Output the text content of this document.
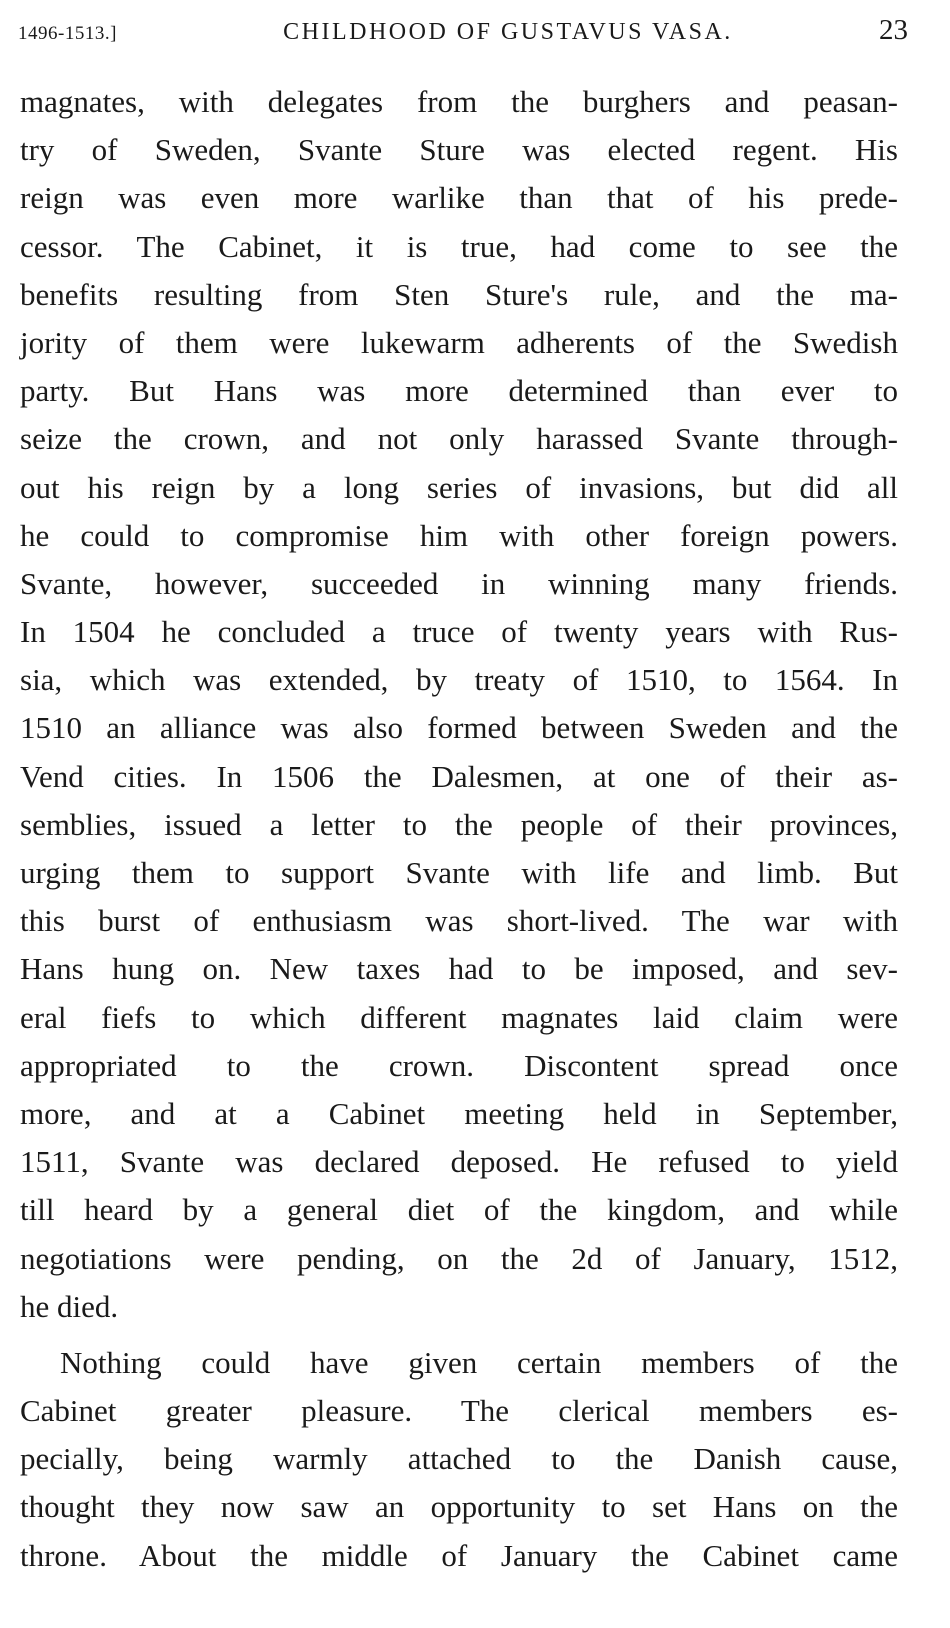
1496-1513.]	CHILDHOOD OF GUSTAVUS VASA.	23
magnates, with delegates from the burghers and peasan-
try of Sweden, Svante Sture was elected regent. His
reign was even more warlike than that of his prede-
cessor. The Cabinet, it is true, had come to see the
benefits resulting from Sten Sture's rule, and the ma-
jority of them were lukewarm adherents of the Swedish
party. But Hans was more determined than ever to
seize the crown, and not only harassed Svante through-
out his reign by a long series of invasions, but did all
he could to compromise him with other foreign powers.
Svante, however, succeeded in winning many friends.
In 1504 he concluded a truce of twenty years with Rus-
sia, which was extended, by treaty of 1510, to 1564. In
1510 an alliance was also formed between Sweden and the
Vend cities. In 1506 the Dalesmen, at one of their as-
semblies, issued a letter to the people of their provinces,
urging them to support Svante with life and limb. But
this burst of enthusiasm was short-lived. The war with
Hans hung on. New taxes had to be imposed, and sev-
eral fiefs to which different magnates laid claim were
appropriated to the crown. Discontent spread once
more, and at a Cabinet meeting held in September,
1511, Svante was declared deposed. He refused to yield
till heard by a general diet of the kingdom, and while
negotiations were pending, on the 2d of January, 1512,
he died.
Nothing could have given certain members of the
Cabinet greater pleasure. The clerical members es-
pecially, being warmly attached to the Danish cause,
thought they now saw an opportunity to set Hans on the
throne. About the middle of January the Cabinet came
